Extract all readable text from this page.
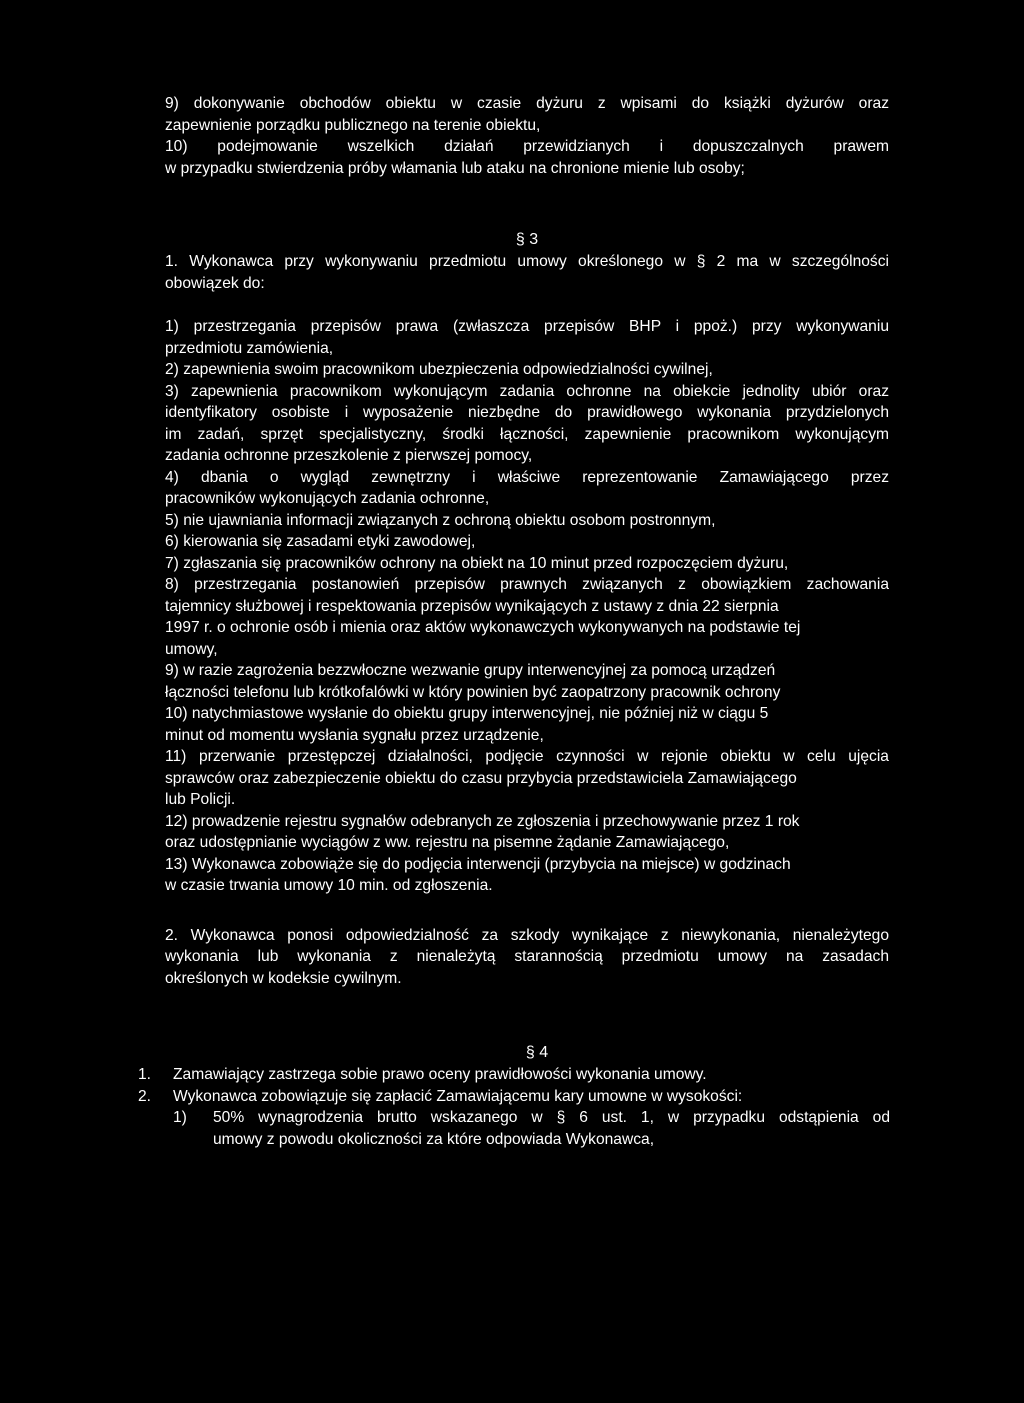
9) dokonywanie obchodów obiektu w czasie dyżuru z wpisami do książki dyżurów oraz
zapewnienie porządku publicznego na terenie obiektu,
10) podejmowanie wszelkich działań przewidzianych i dopuszczalnych prawem
w przypadku stwierdzenia próby włamania lub ataku na chronione mienie lub osoby;
§ 3
1. Wykonawca przy wykonywaniu przedmiotu umowy określonego w § 2 ma w szczególności
obowiązek do:
1) przestrzegania przepisów prawa (zwłaszcza przepisów BHP i ppoż.) przy wykonywaniu
przedmiotu zamówienia,
2) zapewnienia swoim pracownikom ubezpieczenia odpowiedzialności cywilnej,
3) zapewnienia pracownikom wykonującym zadania ochronne na obiekcie jednolity ubiór oraz
identyfikatory osobiste i wyposażenie niezbędne do prawidłowego wykonania przydzielonych
im zadań, sprzęt specjalistyczny, środki łączności, zapewnienie pracownikom wykonującym
zadania ochronne przeszkolenie z pierwszej pomocy,
4) dbania o wygląd zewnętrzny i właściwe reprezentowanie Zamawiającego przez
pracowników wykonujących zadania ochronne,
5) nie ujawniania informacji związanych z ochroną obiektu osobom postronnym,
6) kierowania się zasadami etyki zawodowej,
7) zgłaszania się pracowników ochrony na obiekt na 10 minut przed rozpoczęciem dyżuru,
8) przestrzegania postanowień przepisów prawnych związanych z obowiązkiem zachowania
tajemnicy służbowej i respektowania przepisów wynikających z ustawy z dnia 22 sierpnia
1997 r. o ochronie osób i mienia oraz aktów wykonawczych wykonywanych na podstawie tej
umowy,
9) w razie zagrożenia bezzwłoczne wezwanie grupy interwencyjnej za pomocą urządzeń
łączności telefonu lub krótkofalówki w który powinien być zaopatrzony pracownik ochrony
10) natychmiastowe wysłanie do obiektu grupy interwencyjnej, nie później niż w ciągu 5
minut od momentu wysłania sygnału przez urządzenie,
11) przerwanie przestępczej działalności, podjęcie czynności w rejonie obiektu w celu ujęcia
sprawców oraz zabezpieczenie obiektu do czasu przybycia przedstawiciela Zamawiającego
lub Policji.
12) prowadzenie rejestru sygnałów odebranych ze zgłoszenia i przechowywanie przez 1 rok
oraz udostępnianie wyciągów z ww. rejestru na pisemne żądanie Zamawiającego,
13) Wykonawca zobowiąże się do podjęcia interwencji (przybycia na miejsce) w godzinach
w czasie trwania umowy 10 min. od zgłoszenia.
2. Wykonawca ponosi odpowiedzialność za szkody wynikające z niewykonania, nienależytego
wykonania lub wykonania z nienależytą starannością przedmiotu umowy na zasadach
określonych w kodeksie cywilnym.
§ 4
1.	Zamawiający zastrzega sobie prawo oceny prawidłowości wykonania umowy.
2.	Wykonawca zobowiązuje się zapłacić Zamawiającemu kary umowne w wysokości:
1)	50% wynagrodzenia brutto wskazanego w § 6 ust. 1, w przypadku odstąpienia od
umowy z powodu okoliczności za które odpowiada Wykonawca,
